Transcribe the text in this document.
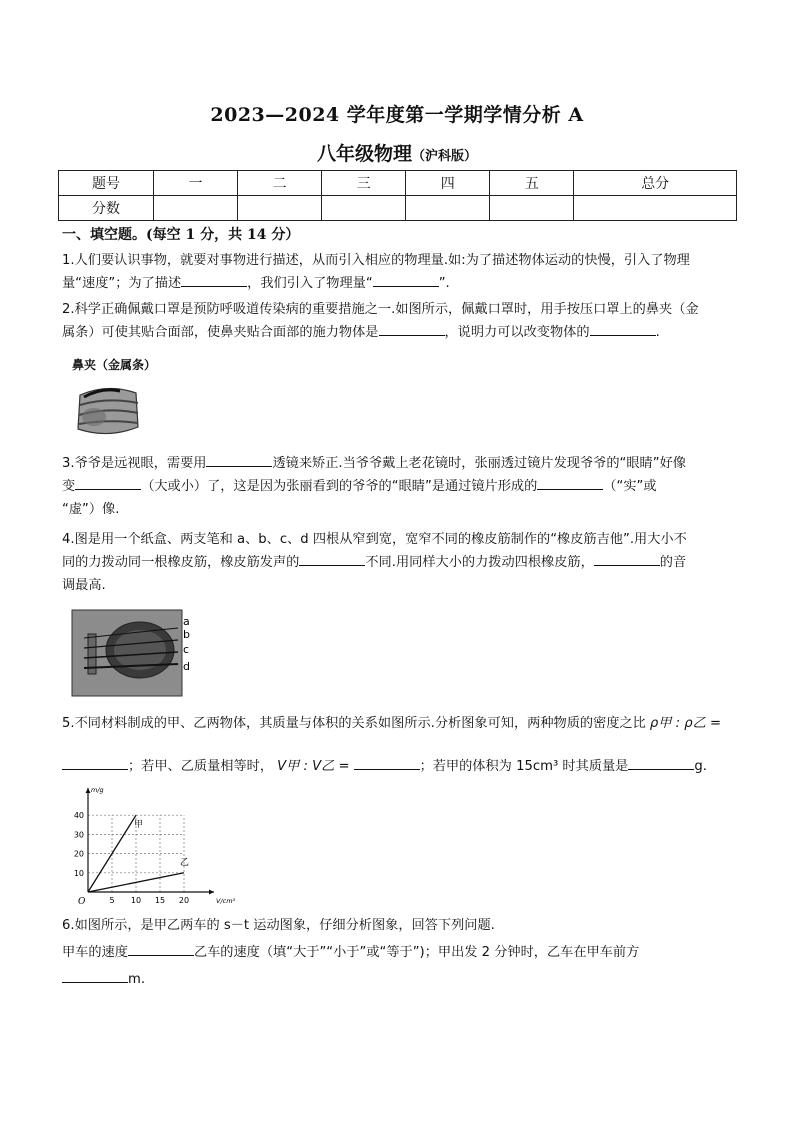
2023—2024 学年度第一学期学情分析 A
八年级物理（沪科版）
题号	一	二	三	四	五	总分
分数						
一、填空题。(每空 1 分，共 14 分）
1.人们要认识事物，就要对事物进行描述，从而引入相应的物理量.如:为了描述物体运动的快慢，引入了物理
量“速度”；为了描述	，我们引入了物理量“	”.
2.科学正确佩戴口罩是预防呼吸道传染病的重要措施之一.如图所示，佩戴口罩时，用手按压口罩上的鼻夹（金
属条）可使其贴合面部，使鼻夹贴合面部的施力物体是	，说明力可以改变物体的	.
鼻夹（金属条）
3.爷爷是远视眼，需要用	透镜来矫正.当爷爷戴上老花镜时，张丽透过镜片发现爷爷的“眼睛”好像
变	（大或小）了，这是因为张丽看到的爷爷的“眼睛”是通过镜片形成的	（“实”或
“虚”）像.
4.图是用一个纸盒、两支笔和 a、b、c、d 四根从窄到宽，宽窄不同的橡皮筋制作的“橡皮筋吉他”.用大小不
同的力拨动同一根橡皮筋，橡皮筋发声的	不同.用同样大小的力拨动四根橡皮筋，	的音
调最高.
a
b
c
d
5.不同材料制成的甲、乙两物体，其质量与体积的关系如图所示.分析图象可知，两种物质的密度之比 ρ甲 : ρ乙 =
；若甲、乙质量相等时， V甲 : V乙 =	；若甲的体积为 15cm³ 时其质量是	g.
5 10 15 20
10
20
30
40
O	V/cm³
m/g
甲
乙
6.如图所示，是甲乙两车的 s－t 运动图象，仔细分析图象，回答下列问题.
甲车的速度	乙车的速度（填“大于”“小于”或“等于”)；甲出发 2 分钟时，乙车在甲车前方
m.
